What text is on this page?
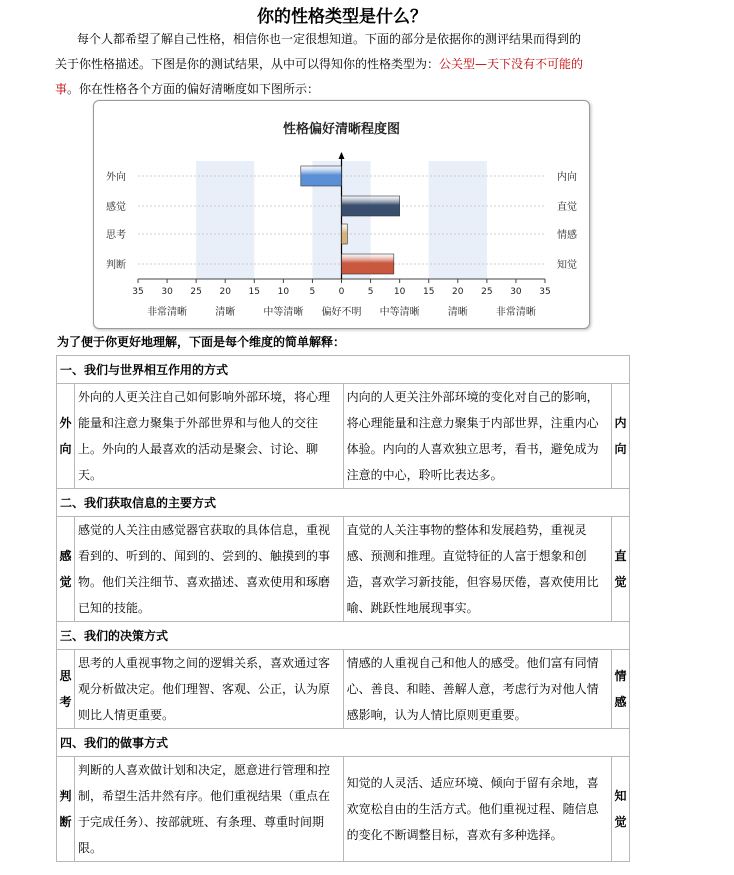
你的性格类型是什么？
每个人都希望了解自己性格，相信你也一定很想知道。下面的部分是依据你的测评结果而得到的
关于你性格描述。下图是你的测试结果，从中可以得知你的性格类型为：公关型—天下没有不可能的
事。你在性格各个方面的偏好清晰度如下图所示：
性格偏好清晰程度图
35 30 25 20 15 10 5	0	5 10 15 20 25 30 35
非常清晰	清晰	中等清晰 偏好不明 中等清晰	清晰	非常清晰
外向	内向
感觉	直觉
思考	情感
判断	知觉
为了便于你更好地理解，下面是每个维度的简单解释：
一、我们与世界相互作用的方式			
外向	外向的人更关注自己如何影响外部环境，将心理能量和注意力聚集于外部世界和与他人的交往上。外向的人最喜欢的活动是聚会、讨论、聊天。	内向的人更关注外部环境的变化对自己的影响，将心理能量和注意力聚集于内部世界，注重内心体验。内向的人喜欢独立思考，看书，避免成为注意的中心，聆听比表达多。	内向
二、我们获取信息的主要方式			
感觉	感觉的人关注由感觉器官获取的具体信息，重视看到的、听到的、闻到的、尝到的、触摸到的事物。他们关注细节、喜欢描述、喜欢使用和琢磨已知的技能。	直觉的人关注事物的整体和发展趋势，重视灵感、预测和推理。直觉特征的人富于想象和创造，喜欢学习新技能，但容易厌倦，喜欢使用比喻、跳跃性地展现事实。	直觉
三、我们的决策方式			
思考	思考的人重视事物之间的逻辑关系，喜欢通过客观分析做决定。他们理智、客观、公正，认为原则比人情更重要。	情感的人重视自己和他人的感受。他们富有同情心、善良、和睦、善解人意，考虑行为对他人情感影响，认为人情比原则更重要。	情感
四、我们的做事方式			
判断	判断的人喜欢做计划和决定，愿意进行管理和控制，希望生活井然有序。他们重视结果（重点在于完成任务）、按部就班、有条理、尊重时间期限。	知觉的人灵活、适应环境、倾向于留有余地，喜欢宽松自由的生活方式。他们重视过程、随信息的变化不断调整目标，喜欢有多种选择。	知觉
